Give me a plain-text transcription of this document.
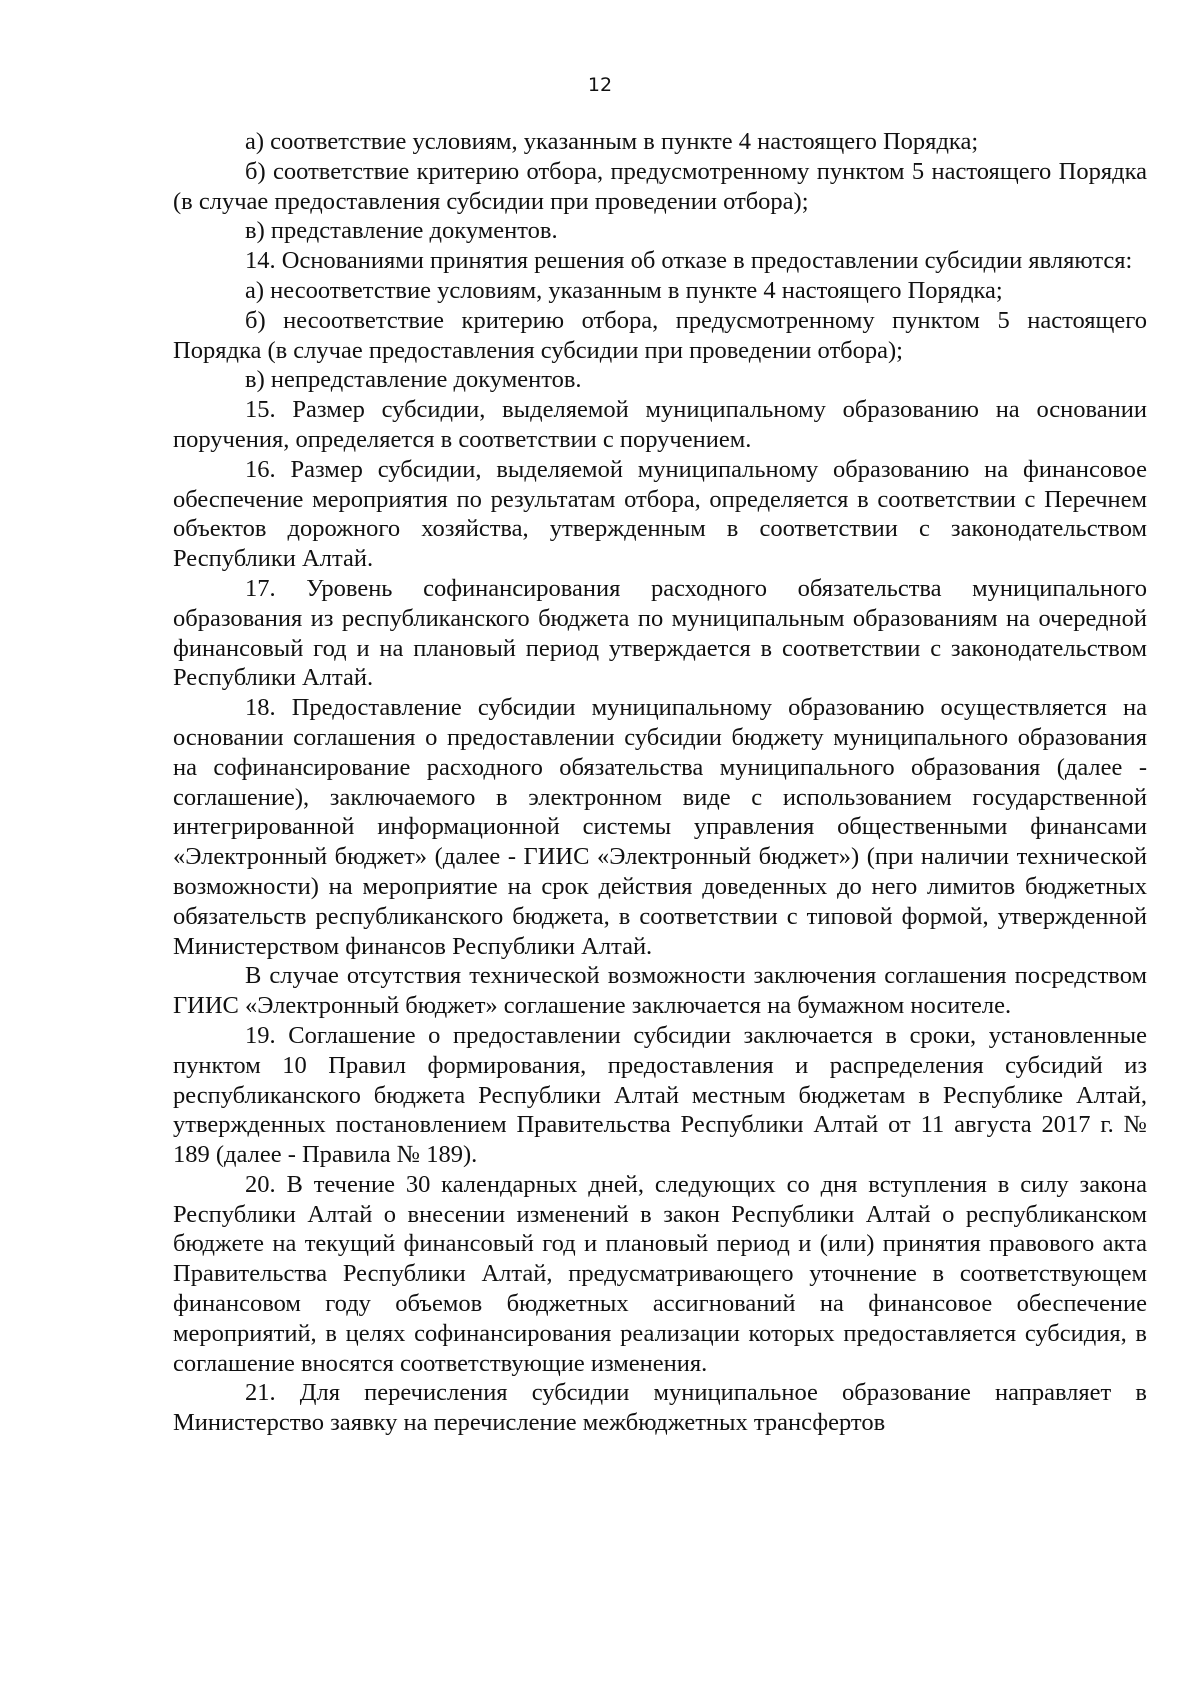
12

а) соответствие условиям, указанным в пункте 4 настоящего Порядка;

б) соответствие критерию отбора, предусмотренному пунктом 5 настоящего Порядка (в случае предоставления субсидии при проведении отбора);

в) представление документов.

14. Основаниями принятия решения об отказе в предоставлении субсидии являются:

а) несоответствие условиям, указанным в пункте 4 настоящего Порядка;

б) несоответствие критерию отбора, предусмотренному пунктом 5 настоящего Порядка (в случае предоставления субсидии при проведении отбора);

в) непредставление документов.

15. Размер субсидии, выделяемой муниципальному образованию на основании поручения, определяется в соответствии с поручением.

16. Размер субсидии, выделяемой муниципальному образованию на финансовое обеспечение мероприятия по результатам отбора, определяется в соответствии с Перечнем объектов дорожного хозяйства, утвержденным в соответствии с законодательством Республики Алтай.

17. Уровень софинансирования расходного обязательства муниципального образования из республиканского бюджета по муниципальным образованиям на очередной финансовый год и на плановый период утверждается в соответствии с законодательством Республики Алтай.

18. Предоставление субсидии муниципальному образованию осуществляется на основании соглашения о предоставлении субсидии бюджету муниципального образования на софинансирование расходного обязательства муниципального образования (далее - соглашение), заключаемого в электронном виде с использованием государственной интегрированной информационной системы управления общественными финансами «Электронный бюджет» (далее - ГИИС «Электронный бюджет») (при наличии технической возможности) на мероприятие на срок действия доведенных до него лимитов бюджетных обязательств республиканского бюджета, в соответствии с типовой формой, утвержденной Министерством финансов Республики Алтай.

В случае отсутствия технической возможности заключения соглашения посредством ГИИС «Электронный бюджет» соглашение заключается на бумажном носителе.

19. Соглашение о предоставлении субсидии заключается в сроки, установленные пунктом 10 Правил формирования, предоставления и распределения субсидий из республиканского бюджета Республики Алтай местным бюджетам в Республике Алтай, утвержденных постановлением Правительства Республики Алтай от 11 августа 2017 г. № 189 (далее - Правила № 189).

20. В течение 30 календарных дней, следующих со дня вступления в силу закона Республики Алтай о внесении изменений в закон Республики Алтай о республиканском бюджете на текущий финансовый год и плановый период и (или) принятия правового акта Правительства Республики Алтай, предусматривающего уточнение в соответствующем финансовом году объемов бюджетных ассигнований на финансовое обеспечение мероприятий, в целях софинансирования реализации которых предоставляется субсидия, в соглашение вносятся соответствующие изменения.

21. Для перечисления субсидии муниципальное образование направляет в Министерство заявку на перечисление межбюджетных трансфертов
